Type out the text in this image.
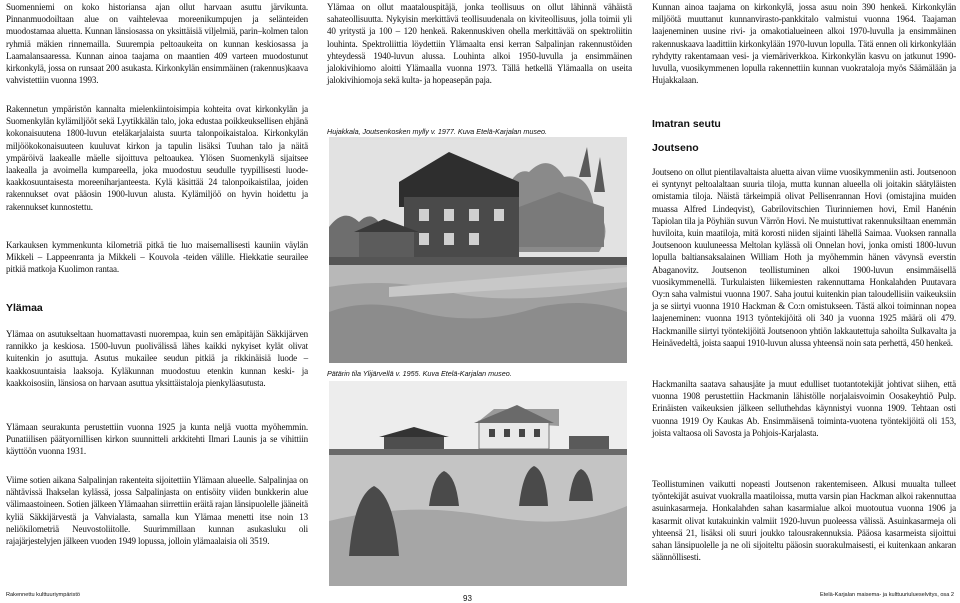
Suomenniemi on koko historiansa ajan ollut harvaan asuttu järvikunta. Pinnanmuodoiltaan alue on vaihtelevaa moreenikumpujen ja selänteiden muodostamaa aluetta. Kunnan länsiosassa on yksittäisiä viljelmiä, parin–kolmen talon ryhmiä mäkien rinnemailla. Suurempia peltoaukeita on kunnan keskiosassa ja Laamalansaaressa. Kunnan ainoa taajama on maantien 409 varteen muodostunut kirkonkylä, jossa on runsaat 200 asukasta. Kirkonkylän ensimmäinen (rakennus)kaava vahvistettiin vuonna 1993.

Rakennetun ympäristön kannalta mielenkiintoisimpia kohteita ovat kirkonkylän ja Suomenkylän kylämiljööt sekä Lyytikkälän talo, joka edustaa poikkeuksellisen ehjänä kokonaisuutena 1800-luvun eteläkarjalaista suurta talonpoikaistaloa. Kirkonkylän miljöökokonaisuuteen kuuluvat kirkon ja tapulin lisäksi Tuuhan talo ja näitä ympäröivä laakealle mäelle sijoittuva peltoaukea. Ylösen Suomenkylä sijaitsee laakealla ja avoimella kumpareella, joka muodostuu seudulle tyypillisesti luode-kaakkosuuntaisesta moreeniharjanteesta. Kylä käsittää 24 talonpoikaistilaa, joiden rakennukset ovat pääosin 1900-luvun alusta. Kylämiljöö on hyvin hoidettu ja rakennukset kunnostettu.

Karkauksen kymmenkunta kilometriä pitkä tie luo maisemallisesti kauniin väylän Mikkeli – Lappeenranta ja Mikkeli – Kouvola -teiden välille. Hiekkatie seurailee pitkiä matkoja Kuolimon rantaa.

Ylämaa

Ylämaa on asutukseltaan huomattavasti nuorempaa, kuin sen emäpitäjän Säkkijärven rannikko ja keskiosa. 1500-luvun puolivälissä lähes kaikki nykyiset kylät olivat kuitenkin jo asuttuja. Asutus mukailee seudun pitkiä ja rikkinäisiä luode – kaakkosuuntaisia laaksoja. Kyläkunnan muodostuu etenkin kunnan keski- ja kaakkoisosiin, länsiosa on harvaan asuttua yksittäistaloja pienkyläasutusta.

Ylämaan seurakunta perustettiin vuonna 1925 ja kunta neljä vuotta myöhemmin. Punatiilisen päätyornillisen kirkon suunnitteli arkkitehti Ilmari Launis ja se vihittiin käyttöön vuonna 1931.

Viime sotien aikana Salpalinjan rakenteita sijoitettiin Ylämaan alueelle. Salpalinjaa on nähtävissä Ihakselan kylässä, jossa Salpalinjasta on entisöity viiden bunkkerin alue välimaastoineen. Sotien jälkeen Ylämaahan siirrettiin eräitä rajan länsipuolelle jääneitä kyliä Säkkijärvestä ja Vahvialasta, samalla kun Ylämaa menetti itse noin 13 neliökilometriä Neuvostoliitolle. Suurimmillaan kunnan asukasluku oli rajajärjestelyjen jälkeen vuoden 1949 lopussa, jolloin ylämaalaisia oli 3519.

Ylämaa on ollut maatalouspitäjä, jonka teollisuus on ollut lähinnä vähäistä sahateollisuutta. Nykyisin merkittävä teollisuudenala on kiviteollisuus, jolla toimii yli 40 yritystä ja 100 – 120 henkeä. Rakennuskiven ohella merkittävää on spektroliitin louhinta. Spektroliittia löydettiin Ylämaalta ensi kerran Salpalinjan rakennustöiden yhteydessä 1940-luvun alussa. Louhinta alkoi 1950-luvulla ja ensimmäinen jalokivihiomo aloitti Ylämaalla vuonna 1973. Tällä hetkellä Ylämaalla on useita jalokivihiomoja sekä kulta- ja hopeasepän paja.

Hujakkala, Joutsenkosken mylly v. 1977. Kuva Etelä-Karjalan museo.

Pätärin tila Ylijärvellä v. 1955. Kuva Etelä-Karjalan museo.

Kunnan ainoa taajama on kirkonkylä, jossa asuu noin 390 henkeä. Kirkonkylän miljöötä muuttanut kunnanvirasto-pankkitalo valmistui vuonna 1964. Taajaman laajeneminen uusine rivi- ja omakotialueineen alkoi 1970-luvulla ja ensimmäinen rakennuskaava laadittiin kirkonkylään 1970-luvun lopulla. Tätä ennen oli kirkonkylään ryhdytty rakentamaan vesi- ja viemäriverkkoa. Kirkonkylän kasvu on jatkunut 1990-luvulla, vuosikymmenen lopulla rakennettiin kunnan vuokrataloja myös Säämälään ja Hujakkalaan.

Imatran seutu
Joutseno

Joutseno on ollut pientilavaltaista aluetta aivan viime vuosikymmeniin asti. Joutsenoon ei syntynyt peltoalaltaan suuria tiloja, mutta kunnan alueella oli joitakin säätyläisten omistamia tiloja. Näistä tärkeimpiä olivat Pellisenrannan Hovi (omistajina muiden muassa Alfred Lindeqvist), Gabrilovitschien Tiurinniemen hovi, Emil Hanénin Tapiolan tila ja Pöyhiän suvun Värrön Hovi. Ne muistuttivat rakennuksiltaan enemmän huviloita, kuin maatiloja, mitä korosti niiden sijainti lähellä Saimaa. Vuoksen rannalla Joutsenoon kuuluneessa Meltolan kylässä oli Onnelan hovi, jonka omisti 1800-luvun lopulla baltiansaksalainen William Hoth ja myöhemmin hänen vävynsä everstin Abaganovitz. Joutsenon teollistuminen alkoi 1900-luvun ensimmäisellä vuosikymmenellä. Turkulaisten liikemiesten rakennuttama Honkalahden Puutavara Oy:n saha valmistui vuonna 1907. Saha joutui kuitenkin pian taloudellisiin vaikeuksiin ja se siirtyi vuonna 1910 Hackman & Co:n omistukseen. Tästä alkoi toiminnan nopea laajeneminen: vuonna 1913 työntekijöitä oli 340 ja vuonna 1925 määrä oli 479. Hackmanille siirtyi työntekijöitä Joutsenoon yhtiön lakkautettuja sahoilta Sulkavalta ja Heinävedeltä, joista saapui 1910-luvun alussa yhteensä noin sata perhettä, 450 henkeä.

Hackmanilta saatava sahausjäte ja muut edulliset tuotantotekijät johtivat siihen, että vuonna 1908 perustettiin Hackmanin lähistölle norjalaisvoimin Oosakeyhtiö Pulp. Erinäisten vaikeuksien jälkeen selluthehdas käynnistyi vuonna 1909. Tehtaan osti vuonna 1919 Oy Kaukas Ab. Ensimmäisenä toiminta-vuotena työntekijöitä oli 153, joista valtaosa oli Savosta ja Pohjois-Karjalasta.

Teollistuminen vaikutti nopeasti Joutsenon rakentemiseen. Alkusi muualta tulleet työntekijät asuivat vuokralla maatiloissa, mutta varsin pian Hackman alkoi rakennuttaa asuinkasarmeja. Honkalahden sahan kasarmialue alkoi muotoutua vuonna 1906 ja kasarmit olivat kutakuinkin valmiit 1920-luvun puoleessa välissä. Asuinkasarmeja oli yhteensä 21, lisäksi oli suuri joukko talousrakennuksia. Pääosa kasarmeista sijoittui sahan länsipuolelle ja ne oli sijoiteltu pääosin suorakulmaisesti, ei kuitenkaan ankaran säännöllisesti.

Rakennettu kulttuuriympäristö	93	Etelä-Karjalan maisema- ja kulttuuriulueselvitys, osa 2
